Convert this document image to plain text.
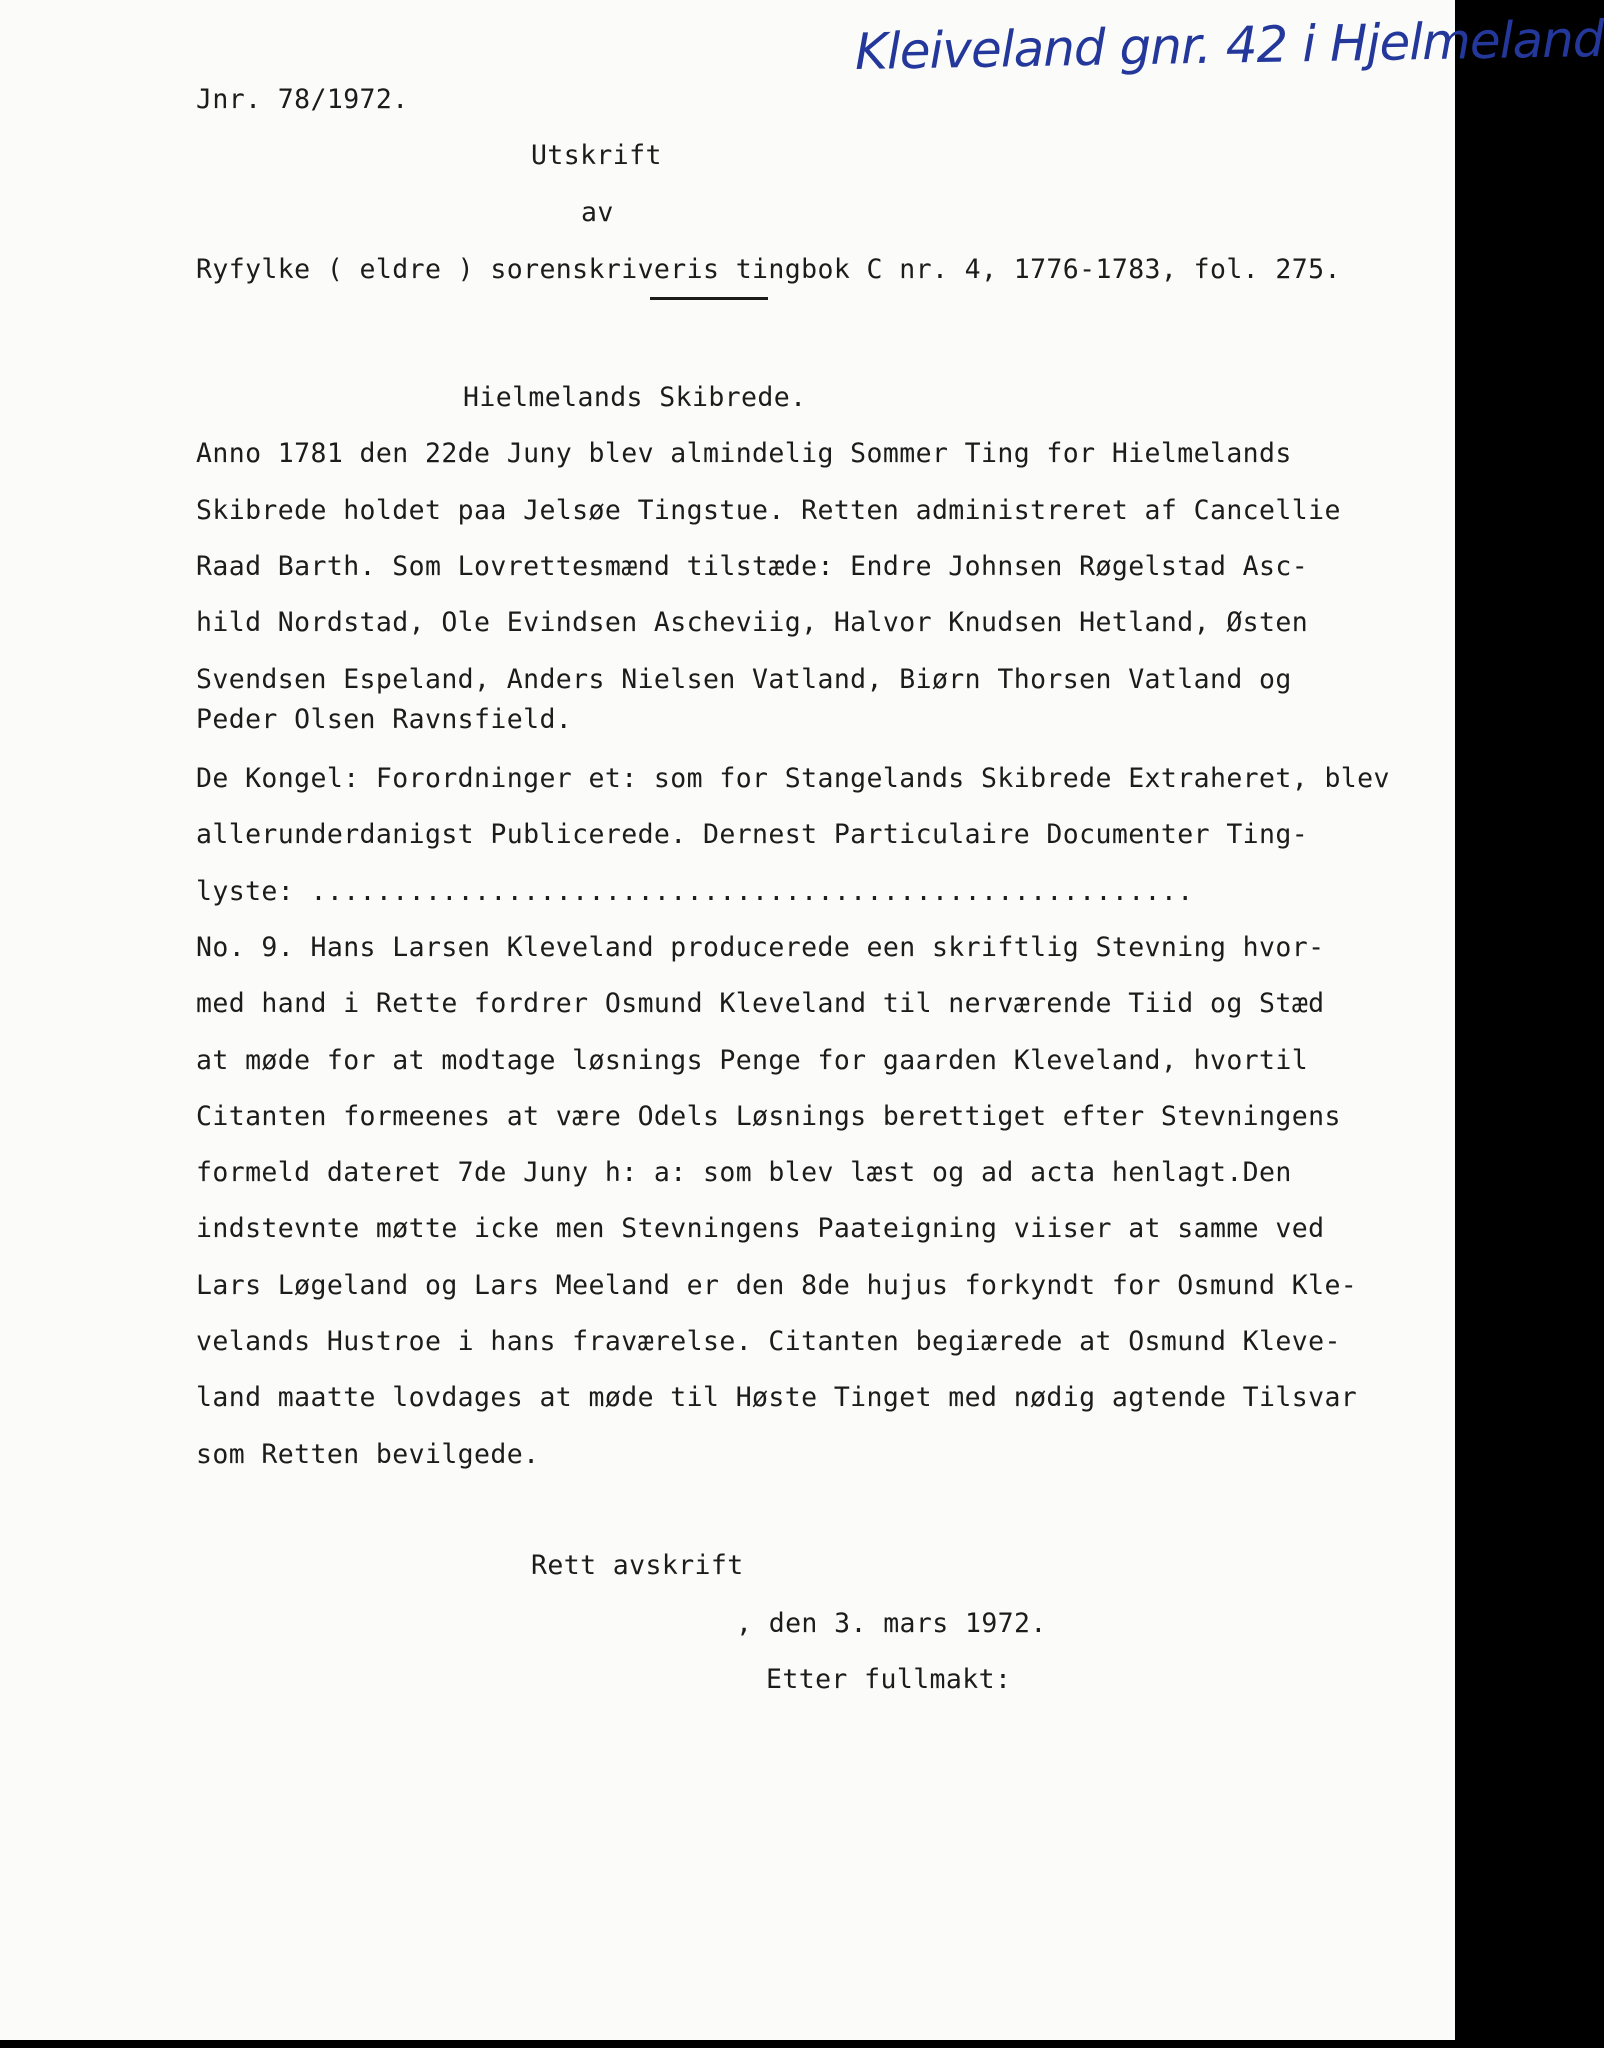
Jnr. 78/1972.
Kleiveland gnr. 42 i Hjelmeland
Utskrift
av
Ryfylke ( eldre ) sorenskriveris tingbok C nr. 4, 1776-1783, fol. 275.
Hielmelands Skibrede.
Anno 1781 den 22de Juny blev almindelig Sommer Ting for Hielmelands
Skibrede holdet paa Jelsøe Tingstue. Retten administreret af Cancellie
Raad Barth. Som Lovrettesmænd tilstæde: Endre Johnsen Røgelstad Asc-
hild Nordstad, Ole Evindsen Ascheviig, Halvor Knudsen Hetland, Østen
Svendsen Espeland, Anders Nielsen Vatland, Biørn Thorsen Vatland og
Peder Olsen Ravnsfield.
De Kongel: Forordninger et: som for Stangelands Skibrede Extraheret, blev
allerunderdanigst Publicerede. Dernest Particulaire Documenter Ting-
lyste: ......................................................
No. 9. Hans Larsen Kleveland producerede een skriftlig Stevning hvor-
med hand i Rette fordrer Osmund Kleveland til nerværende Tiid og Stæd
at møde for at modtage løsnings Penge for gaarden Kleveland, hvortil
Citanten formeenes at være Odels Løsnings berettiget efter Stevningens
formeld dateret 7de Juny h: a: som blev læst og ad acta henlagt.Den
indstevnte møtte icke men Stevningens Paateigning viiser at samme ved
Lars Løgeland og Lars Meeland er den 8de hujus forkyndt for Osmund Kle-
velands Hustroe i hans fraværelse. Citanten begiærede at Osmund Kleve-
land maatte lovdages at møde til Høste Tinget med nødig agtende Tilsvar
som Retten bevilgede.
Rett avskrift
, den 3. mars 1972.
Etter fullmakt:
